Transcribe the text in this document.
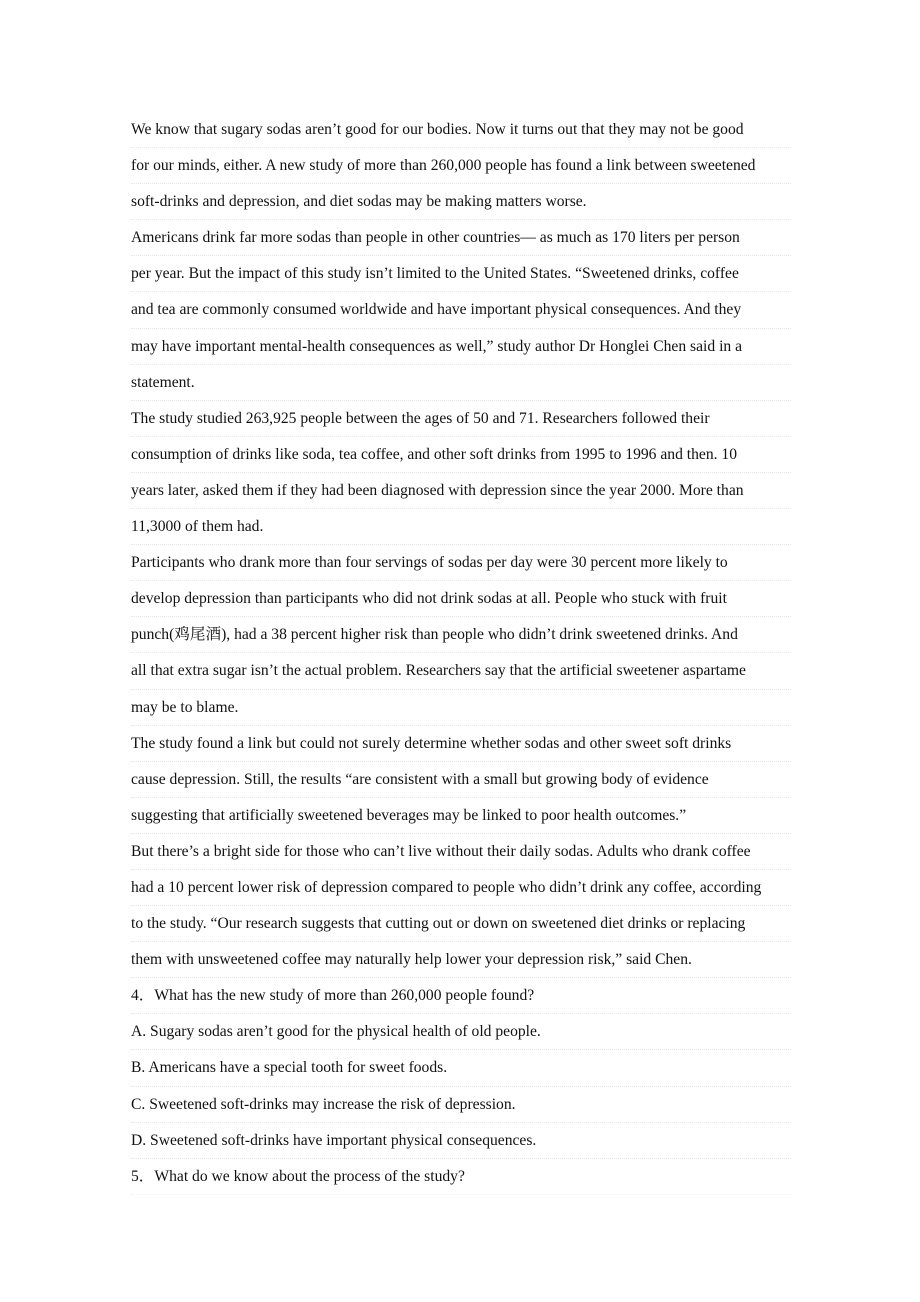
We know that sugary sodas aren’t good for our bodies. Now it turns out that they may not be good
for our minds, either. A new study of more than 260,000 people has found a link between sweetened
soft-drinks and depression, and diet sodas may be making matters worse.
Americans drink far more sodas than people in other countries— as much as 170 liters per person
per year. But the impact of this study isn’t limited to the United States. “Sweetened drinks, coffee
and tea are commonly consumed worldwide and have important physical consequences. And they
may have important mental-health consequences as well,” study author Dr Honglei Chen said in a
statement.
The study studied 263,925 people between the ages of 50 and 71. Researchers followed their
consumption of drinks like soda, tea coffee, and other soft drinks from 1995 to 1996 and then. 10
years later, asked them if they had been diagnosed with depression since the year 2000. More than
11,3000 of them had.
Participants who drank more than four servings of sodas per day were 30 percent more likely to
develop depression than participants who did not drink sodas at all. People who stuck with fruit
punch(鸡尾酒), had a 38 percent higher risk than people who didn’t drink sweetened drinks. And
all that extra sugar isn’t the actual problem. Researchers say that the artificial sweetener aspartame
may be to blame.
The study found a link but could not surely determine whether sodas and other sweet soft drinks
cause depression. Still, the results “are consistent with a small but growing body of evidence
suggesting that artificially sweetened beverages may be linked to poor health outcomes.”
But there’s a bright side for those who can’t live without their daily sodas. Adults who drank coffee
had a 10 percent lower risk of depression compared to people who didn’t drink any coffee, according
to the study. “Our research suggests that cutting out or down on sweetened diet drinks or replacing
them with unsweetened coffee may naturally help lower your depression risk,” said Chen.
4．What has the new study of more than 260,000 people found?
A. Sugary sodas aren’t good for the physical health of old people.
B. Americans have a special tooth for sweet foods.
C. Sweetened soft-drinks may increase the risk of depression.
D. Sweetened soft-drinks have important physical consequences.
5．What do we know about the process of the study?
